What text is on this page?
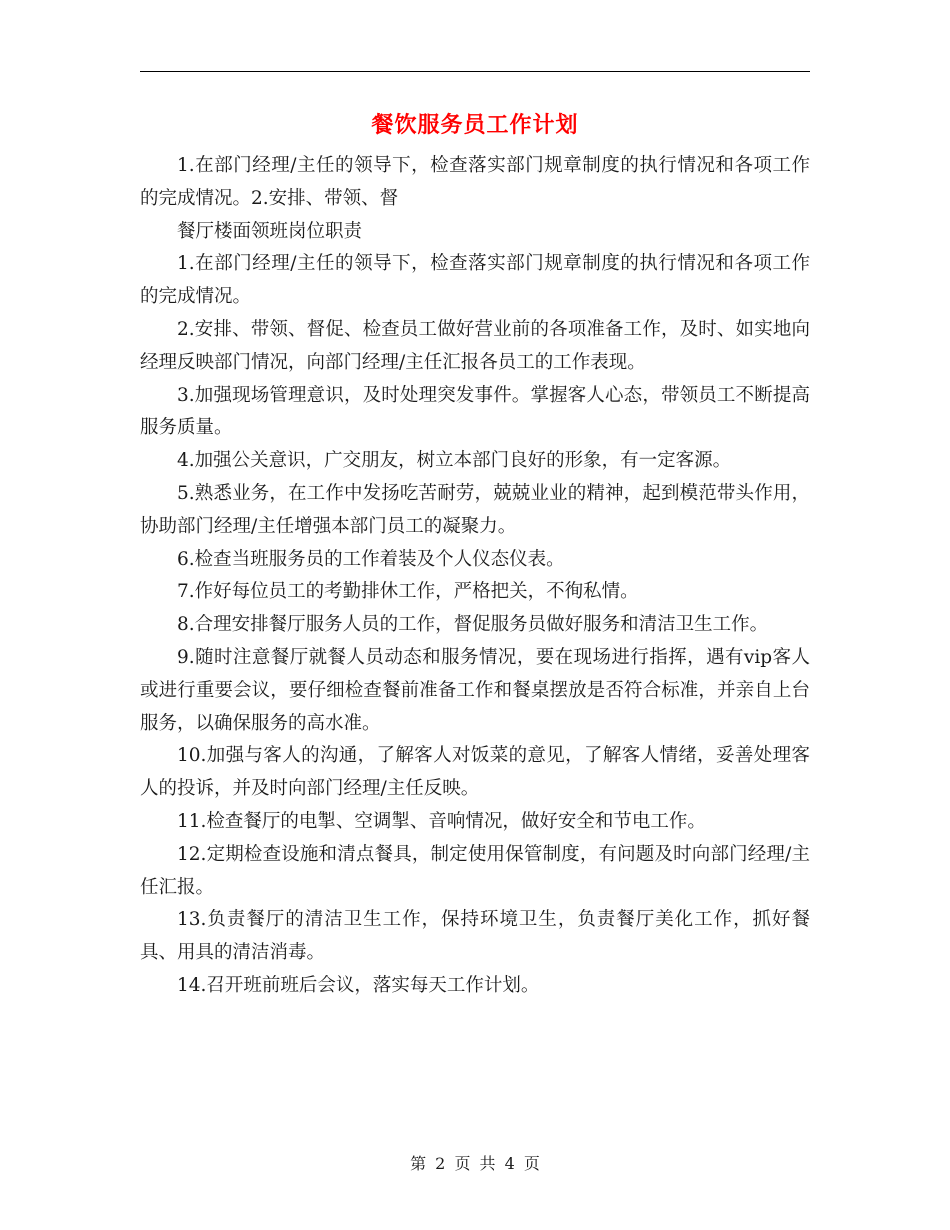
餐饮服务员工作计划

1.在部门经理/主任的领导下，检查落实部门规章制度的执行情况和各项工作的完成情况。2.安排、带领、督

餐厅楼面领班岗位职责

1.在部门经理/主任的领导下，检查落实部门规章制度的执行情况和各项工作的完成情况。

2.安排、带领、督促、检查员工做好营业前的各项准备工作，及时、如实地向经理反映部门情况，向部门经理/主任汇报各员工的工作表现。

3.加强现场管理意识，及时处理突发事件。掌握客人心态，带领员工不断提高服务质量。

4.加强公关意识，广交朋友，树立本部门良好的形象，有一定客源。

5.熟悉业务，在工作中发扬吃苦耐劳，兢兢业业的精神，起到模范带头作用，协助部门经理/主任增强本部门员工的凝聚力。

6.检查当班服务员的工作着装及个人仪态仪表。

7.作好每位员工的考勤排休工作，严格把关，不徇私情。

8.合理安排餐厅服务人员的工作，督促服务员做好服务和清洁卫生工作。

9.随时注意餐厅就餐人员动态和服务情况，要在现场进行指挥，遇有vip客人或进行重要会议，要仔细检查餐前准备工作和餐桌摆放是否符合标准，并亲自上台服务，以确保服务的高水准。

10.加强与客人的沟通，了解客人对饭菜的意见，了解客人情绪，妥善处理客人的投诉，并及时向部门经理/主任反映。

11.检查餐厅的电掣、空调掣、音响情况，做好安全和节电工作。

12.定期检查设施和清点餐具，制定使用保管制度，有问题及时向部门经理/主任汇报。

13.负责餐厅的清洁卫生工作，保持环境卫生，负责餐厅美化工作，抓好餐具、用具的清洁消毒。

14.召开班前班后会议，落实每天工作计划。

第 2 页 共 4 页
